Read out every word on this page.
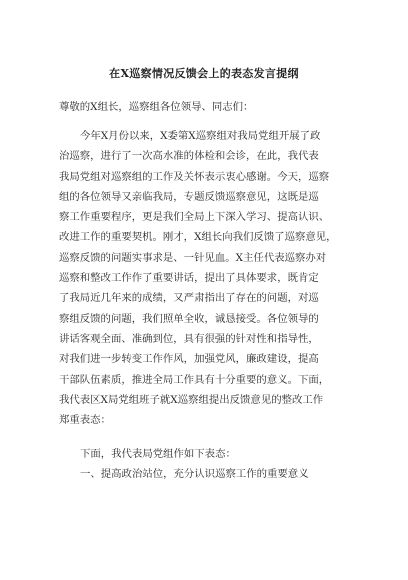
在X巡察情况反馈会上的表态发言提纲
尊敬的X组长，巡察组各位领导、同志们：
今年X月份以来，X委第X巡察组对我局党组开展了政
治巡察，进行了一次高水准的体检和会诊，在此，我代表
我局党组对巡察组的工作及关怀表示衷心感谢。今天，巡察
组的各位领导又亲临我局，专题反馈巡察意见，这既是巡
察工作重要程序，更是我们全局上下深入学习、提高认识、
改进工作的重要契机。刚才，X组长向我们反馈了巡察意见，
巡察反馈的问题实事求是、一针见血。X主任代表巡察办对
巡察和整改工作作了重要讲话，提出了具体要求，既肯定
了我局近几年来的成绩，又严肃指出了存在的问题，对巡
察组反馈的问题，我们照单全收，诚恳接受。各位领导的
讲话客观全面、准确到位，具有很强的针对性和指导性，
对我们进一步转变工作作风，加强党风，廉政建设，提高
干部队伍素质，推进全局工作具有十分重要的意义。下面，
我代表区X局党组班子就X巡察组提出反馈意见的整改工作
郑重表态：
下面，我代表局党组作如下表态：
一、提高政治站位，充分认识巡察工作的重要意义
